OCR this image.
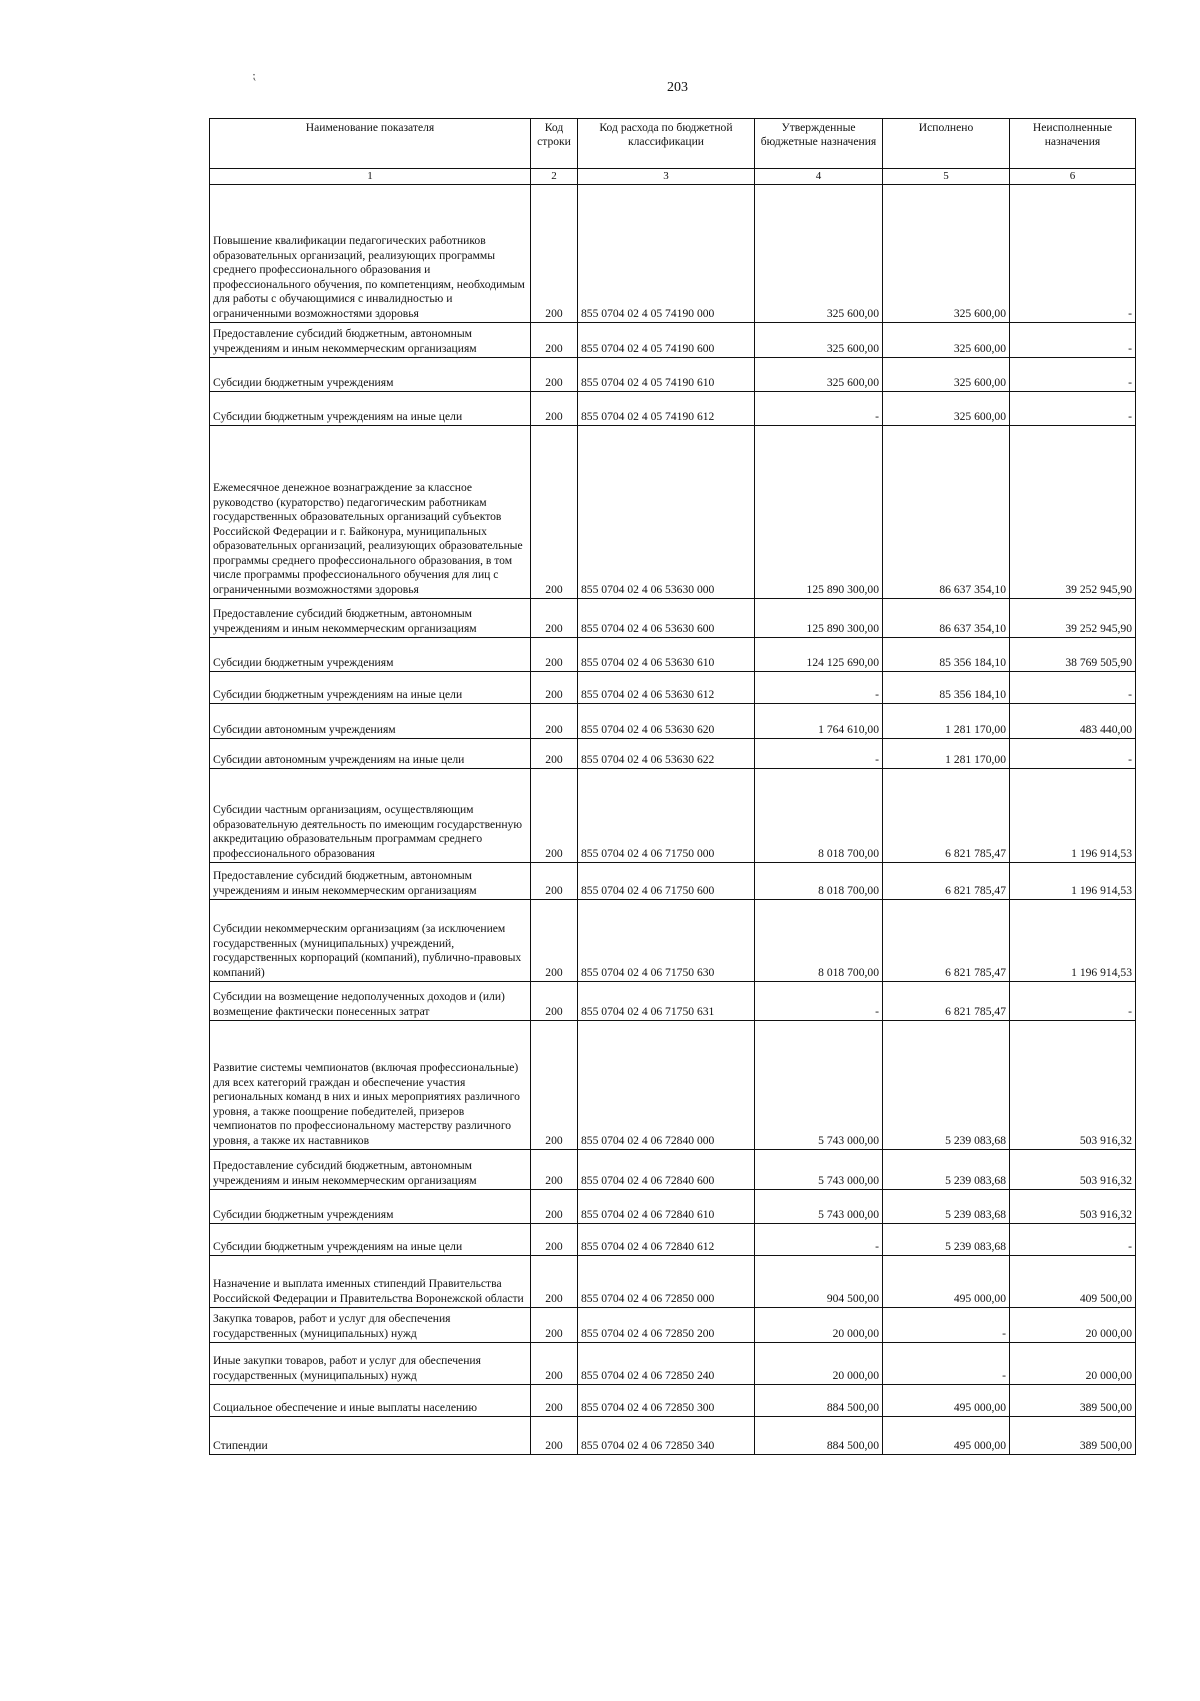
203
⁏
Наименование показателя	Код строки	Код расхода по бюджетной классификации	Утвержденные бюджетные назначения	Исполнено	Неисполненные назначения
1	2	3	4	5	6
Повышение квалификации педагогических работников образовательных организаций, реализующих программы среднего профессионального образования и профессионального обучения, по компетенциям, необходимым для работы с обучающимися с инвалидностью и ограниченными возможностями здоровья	200	855 0704 02 4 05 74190 000	325 600,00	325 600,00	-
Предоставление субсидий бюджетным, автономным учреждениям и иным некоммерческим организациям	200	855 0704 02 4 05 74190 600	325 600,00	325 600,00	-
Субсидии бюджетным учреждениям	200	855 0704 02 4 05 74190 610	325 600,00	325 600,00	-
Субсидии бюджетным учреждениям на иные цели	200	855 0704 02 4 05 74190 612	-	325 600,00	-
Ежемесячное денежное вознаграждение за классное руководство (кураторство) педагогическим работникам государственных образовательных организаций субъектов Российской Федерации и г. Байконура, муниципальных образовательных организаций, реализующих образовательные программы среднего профессионального образования, в том числе программы профессионального обучения для лиц с ограниченными возможностями здоровья	200	855 0704 02 4 06 53630 000	125 890 300,00	86 637 354,10	39 252 945,90
Предоставление субсидий бюджетным, автономным учреждениям и иным некоммерческим организациям	200	855 0704 02 4 06 53630 600	125 890 300,00	86 637 354,10	39 252 945,90
Субсидии бюджетным учреждениям	200	855 0704 02 4 06 53630 610	124 125 690,00	85 356 184,10	38 769 505,90
Субсидии бюджетным учреждениям на иные цели	200	855 0704 02 4 06 53630 612	-	85 356 184,10	-
Субсидии автономным учреждениям	200	855 0704 02 4 06 53630 620	1 764 610,00	1 281 170,00	483 440,00
Субсидии автономным учреждениям на иные цели	200	855 0704 02 4 06 53630 622	-	1 281 170,00	-
Субсидии частным организациям, осуществляющим образовательную деятельность по имеющим государственную аккредитацию образовательным программам среднего профессионального образования	200	855 0704 02 4 06 71750 000	8 018 700,00	6 821 785,47	1 196 914,53
Предоставление субсидий бюджетным, автономным учреждениям и иным некоммерческим организациям	200	855 0704 02 4 06 71750 600	8 018 700,00	6 821 785,47	1 196 914,53
Субсидии некоммерческим организациям (за исключением государственных (муниципальных) учреждений, государственных корпораций (компаний), публично-правовых компаний)	200	855 0704 02 4 06 71750 630	8 018 700,00	6 821 785,47	1 196 914,53
Субсидии на возмещение недополученных доходов и (или) возмещение фактически понесенных затрат	200	855 0704 02 4 06 71750 631	-	6 821 785,47	-
Развитие системы чемпионатов (включая профессиональные) для всех категорий граждан и обеспечение участия региональных команд в них и иных мероприятиях различного уровня, а также поощрение победителей, призеров чемпионатов по профессиональному мастерству различного уровня, а также их наставников	200	855 0704 02 4 06 72840 000	5 743 000,00	5 239 083,68	503 916,32
Предоставление субсидий бюджетным, автономным учреждениям и иным некоммерческим организациям	200	855 0704 02 4 06 72840 600	5 743 000,00	5 239 083,68	503 916,32
Субсидии бюджетным учреждениям	200	855 0704 02 4 06 72840 610	5 743 000,00	5 239 083,68	503 916,32
Субсидии бюджетным учреждениям на иные цели	200	855 0704 02 4 06 72840 612	-	5 239 083,68	-
Назначение и выплата именных стипендий Правительства Российской Федерации и Правительства Воронежской области	200	855 0704 02 4 06 72850 000	904 500,00	495 000,00	409 500,00
Закупка товаров, работ и услуг для обеспечения государственных (муниципальных) нужд	200	855 0704 02 4 06 72850 200	20 000,00	-	20 000,00
Иные закупки товаров, работ и услуг для обеспечения государственных (муниципальных) нужд	200	855 0704 02 4 06 72850 240	20 000,00	-	20 000,00
Социальное обеспечение и иные выплаты населению	200	855 0704 02 4 06 72850 300	884 500,00	495 000,00	389 500,00
Стипендии	200	855 0704 02 4 06 72850 340	884 500,00	495 000,00	389 500,00
